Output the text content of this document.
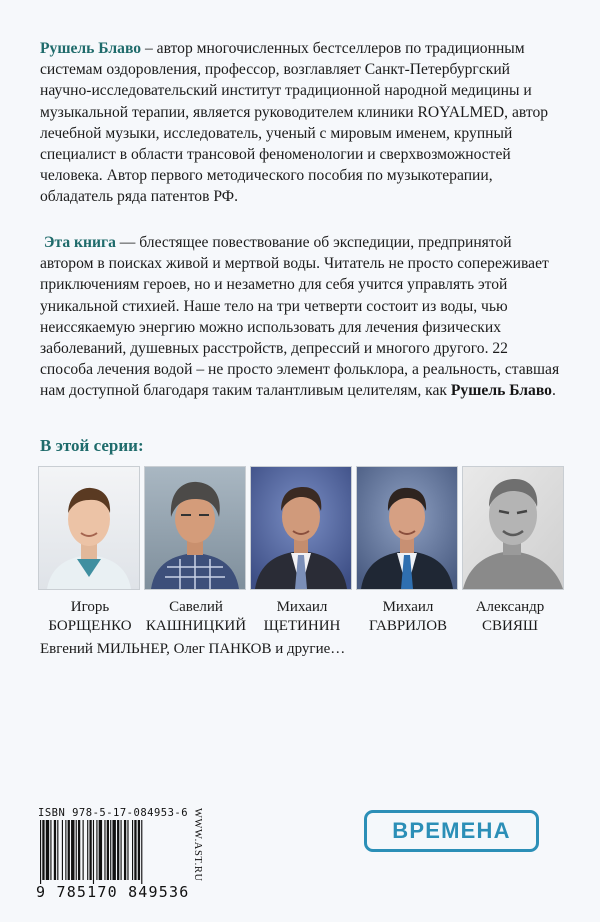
Рушель Блаво – автор многочисленных бестселлеров по традиционным системам оздоровления, профессор, возглавляет Санкт-Петербургский научно-исследовательский институт традиционной народной медицины и музыкальной терапии, является руководителем клиники ROYALMED, автор лечебной музыки, исследователь, ученый с мировым именем, крупный специалист в области трансовой феноменологии и сверхвозможностей человека. Автор первого методического пособия по музыкотерапии, обладатель ряда патентов РФ.

Эта книга — блестящее повествование об экспедиции, предпринятой автором в поисках живой и мертвой воды. Читатель не просто сопереживает приключениям героев, но и незаметно для себя учится управлять этой уникальной стихией. Наше тело на три четверти состоит из воды, чью неиссякаемую энергию можно использовать для лечения физических заболеваний, душевных расстройств, депрессий и многого другого. 22 способа лечения водой – не просто элемент фольклора, а реальность, ставшая нам доступной благодаря таким талантливым целителям, как Рушель Блаво.

В этой серии:
Игорь
БОРЩЕНКО
Савелий
КАШНИЦКИЙ
Михаил
ЩЕТИНИН
Михаил
ГАВРИЛОВ
Александр
СВИЯШ
Евгений МИЛЬНЕР, Олег ПАНКОВ и другие…
ISBN 978-5-17-084953-6
9 785170 849536
WWW.AST.RU	ВРЕМЕНА
